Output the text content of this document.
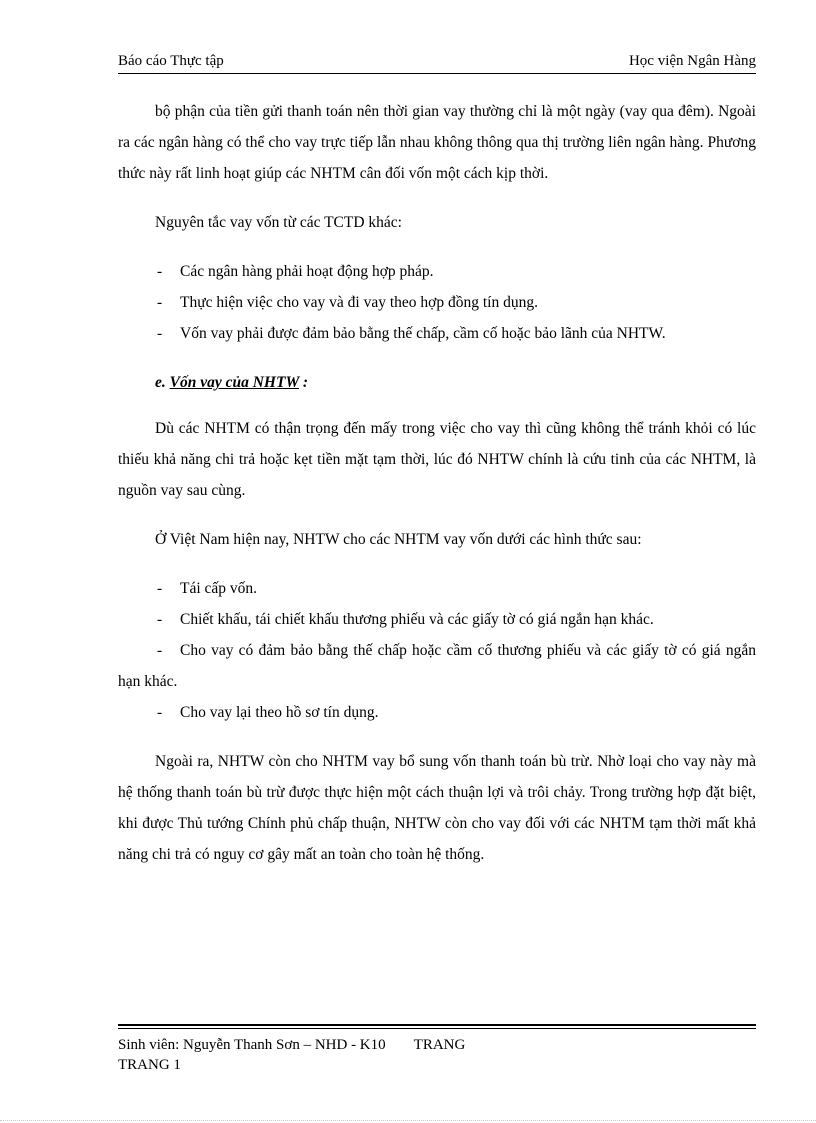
Báo cáo Thực tập	Học viện Ngân Hàng

bộ phận của tiền gửi thanh toán nên thời gian vay thường chỉ là một ngày (vay qua đêm). Ngoài ra các ngân hàng có thể cho vay trực tiếp lẫn nhau không thông qua thị trường liên ngân hàng. Phương thức này rất linh hoạt giúp các NHTM cân đối vốn một cách kịp thời.

Nguyên tắc vay vốn từ các TCTD khác:

- Các ngân hàng phải hoạt động hợp pháp.

- Thực hiện việc cho vay và đi vay theo hợp đồng tín dụng.

- Vốn vay phải được đảm bảo bằng thế chấp, cầm cố hoặc bảo lãnh của NHTW.

e. Vốn vay của NHTW :

Dù các NHTM có thận trọng đến mấy trong việc cho vay thì cũng không thể tránh khỏi có lúc thiếu khả năng chi trả hoặc kẹt tiền mặt tạm thời, lúc đó NHTW chính là cứu tinh của các NHTM, là nguồn vay sau cùng.

Ở Việt Nam hiện nay, NHTW cho các NHTM vay vốn dưới các hình thức sau:

- Tái cấp vốn.

- Chiết khấu, tái chiết khấu thương phiếu và các giấy tờ có giá ngắn hạn khác.

- Cho vay có đảm bảo bằng thế chấp hoặc cầm cố thương phiếu và các giấy tờ có giá ngắn hạn khác.

- Cho vay lại theo hồ sơ tín dụng.

Ngoài ra, NHTW còn cho NHTM vay bổ sung vốn thanh toán bù trừ. Nhờ loại cho vay này mà hệ thống thanh toán bù trừ được thực hiện một cách thuận lợi và trôi chảy. Trong trường hợp đặt biệt, khi được Thủ tướng Chính phủ chấp thuận, NHTW còn cho vay đối với các NHTM tạm thời mất khả năng chi trả có nguy cơ gây mất an toàn cho toàn hệ thống.

Sinh viên: Nguyễn Thanh Sơn – NHD - K10 TRANG
TRANG 1
